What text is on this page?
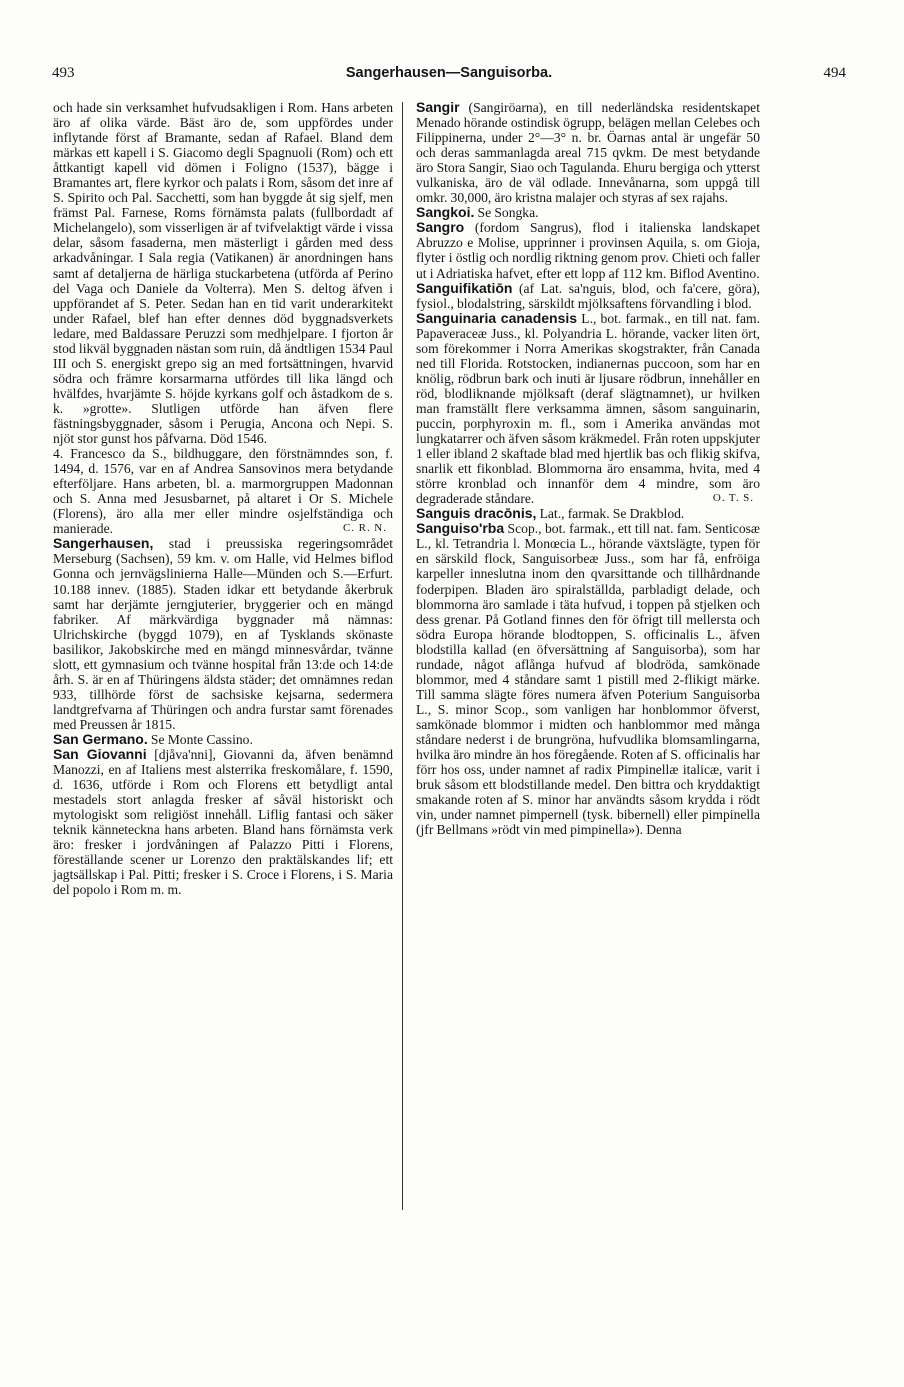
493	Sangerhausen—Sanguisorba.	494

och hade sin verksamhet hufvudsakligen i Rom. Hans arbeten äro af olika värde. Bäst äro de, som uppfördes under inflytande först af Bramante, sedan af Rafael. Bland dem märkas ett kapell i S. Giacomo degli Spagnuoli (Rom) och ett åttkantigt kapell vid dömen i Foligno (1537), bägge i Bramantes art, flere kyrkor och palats i Rom, såsom det inre af S. Spirito och Pal. Sacchetti, som han byggde åt sig sjelf, men främst Pal. Farnese, Roms förnämsta palats (fullbordadt af Michelangelo), som visserligen är af tvifvelaktigt värde i vissa delar, såsom fasaderna, men mästerligt i gården med dess arkadvåningar. I Sala regia (Vatikanen) är anordningen hans samt af detaljerna de härliga stuckarbetena (utförda af Perino del Vaga och Daniele da Volterra). Men S. deltog äfven i uppförandet af S. Peter. Sedan han en tid varit underarkitekt under Rafael, blef han efter dennes död byggnadsverkets ledare, med Baldassare Peruzzi som medhjelpare. I fjorton år stod likväl byggnaden nästan som ruin, då ändtligen 1534 Paul III och S. energiskt grepo sig an med fortsättningen, hvarvid södra och främre korsarmarna utfördes till lika längd och hvälfdes, hvarjämte S. höjde kyrkans golf och åstadkom de s. k. »grotte». Slutligen utförde han äfven flere fästningsbyggnader, såsom i Perugia, Ancona och Nepi. S. njöt stor gunst hos påfvarna. Död 1546.

4. Francesco da S., bildhuggare, den förstnämndes son, f. 1494, d. 1576, var en af Andrea Sansovinos mera betydande efterföljare. Hans arbeten, bl. a. marmorgruppen Madonnan och S. Anna med Jesusbarnet, på altaret i Or S. Michele (Florens), äro alla mer eller mindre osjelfständiga och manierade.	C. R. N.

Sangerhausen, stad i preussiska regeringsområdet Merseburg (Sachsen), 59 km. v. om Halle, vid Helmes biflod Gonna och jernvägslinierna Halle—Münden och S.—Erfurt. 10.188 innev. (1885). Staden idkar ett betydande åkerbruk samt har derjämte jerngjuterier, bryggerier och en mängd fabriker. Af märkvärdiga byggnader må nämnas: Ulrichskirche (byggd 1079), en af Tysklands skönaste basilikor, Jakobskirche med en mängd minnesvårdar, tvänne slott, ett gymnasium och tvänne hospital från 13:de och 14:de årh. S. är en af Thüringens äldsta städer; det omnämnes redan 933, tillhörde först de sachsiske kejsarna, sedermera landtgrefvarna af Thüringen och andra furstar samt förenades med Preussen år 1815.

San Germano. Se Monte Cassino.

San Giovanni [djåva'nni], Giovanni da, äfven benämnd Manozzi, en af Italiens mest alsterrika freskomålare, f. 1590, d. 1636, utförde i Rom och Florens ett betydligt antal mestadels stort anlagda fresker af såväl historiskt och mytologiskt som religiöst innehåll. Liflig fantasi och säker teknik känneteckna hans arbeten. Bland hans förnämsta verk äro: fresker i jordvåningen af Palazzo Pitti i Florens, föreställande scener ur Lorenzo den praktälskandes lif; ett jagtsällskap i Pal. Pitti; fresker i S. Croce i Florens, i S. Maria del popolo i Rom m. m.

Sangir (Sangiröarna), en till nederländska residentskapet Menado hörande ostindisk ögrupp, belägen mellan Celebes och Filippinerna, under 2°—3° n. br. Öarnas antal är ungefär 50 och deras sammanlagda areal 715 qvkm. De mest betydande äro Stora Sangir, Siao och Tagulanda. Ehuru bergiga och ytterst vulkaniska, äro de väl odlade. Innevånarna, som uppgå till omkr. 30,000, äro kristna malajer och styras af sex rajahs.

Sangkoi. Se Songka.

Sangro (fordom Sangrus), flod i italienska landskapet Abruzzo e Molise, upprinner i provinsen Aquila, s. om Gioja, flyter i östlig och nordlig riktning genom prov. Chieti och faller ut i Adriatiska hafvet, efter ett lopp af 112 km. Biflod Aventino.

Sanguifikatiōn (af Lat. sa'nguis, blod, och fa'cere, göra), fysiol., blodalstring, särskildt mjölksaftens förvandling i blod.

Sanguinaria canadensis L., bot. farmak., en till nat. fam. Papaveraceæ Juss., kl. Polyandria L. hörande, vacker liten ört, som förekommer i Norra Amerikas skogstrakter, från Canada ned till Florida. Rotstocken, indianernas puccoon, som har en knölig, rödbrun bark och inuti är ljusare rödbrun, innehåller en röd, blodliknande mjölksaft (deraf slägtnamnet), ur hvilken man framställt flere verksamma ämnen, såsom sanguinarin, puccin, porphyroxin m. fl., som i Amerika användas mot lungkatarrer och äfven såsom kräkmedel. Från roten uppskjuter 1 eller ibland 2 skaftade blad med hjertlik bas och flikig skifva, snarlik ett fikonblad. Blommorna äro ensamma, hvita, med 4 större kronblad och innanför dem 4 mindre, som äro degraderade ståndare.	O. T. S.

Sanguis dracōnis, Lat., farmak. Se Drakblod.

Sanguiso'rba Scop., bot. farmak., ett till nat. fam. Senticosæ L., kl. Tetrandria l. Monœcia L., hörande växtslägte, typen för en särskild flock, Sanguisorbeæ Juss., som har få, enfröiga karpeller inneslutna inom den qvarsittande och tillhårdnande foderpipen. Bladen äro spiralställda, parbladigt delade, och blommorna äro samlade i täta hufvud, i toppen på stjelken och dess grenar. På Gotland finnes den för öfrigt till mellersta och södra Europa hörande blodtoppen, S. officinalis L., äfven blodstilla kallad (en öfversättning af Sanguisorba), som har rundade, något aflånga hufvud af blodröda, samkönade blommor, med 4 ståndare samt 1 pistill med 2-flikigt märke. Till samma slägte föres numera äfven Poterium Sanguisorba L., S. minor Scop., som vanligen har honblommor öfverst, samkönade blommor i midten och hanblommor med många ståndare nederst i de brungröna, hufvudlika blomsamlingarna, hvilka äro mindre än hos föregående. Roten af S. officinalis har förr hos oss, under namnet af radix Pimpinellæ italicæ, varit i bruk såsom ett blodstillande medel. Den bittra och kryddaktigt smakande roten af S. minor har användts såsom krydda i rödt vin, under namnet pimpernell (tysk. bibernell) eller pimpinella (jfr Bellmans »rödt vin med pimpinella»). Denna
